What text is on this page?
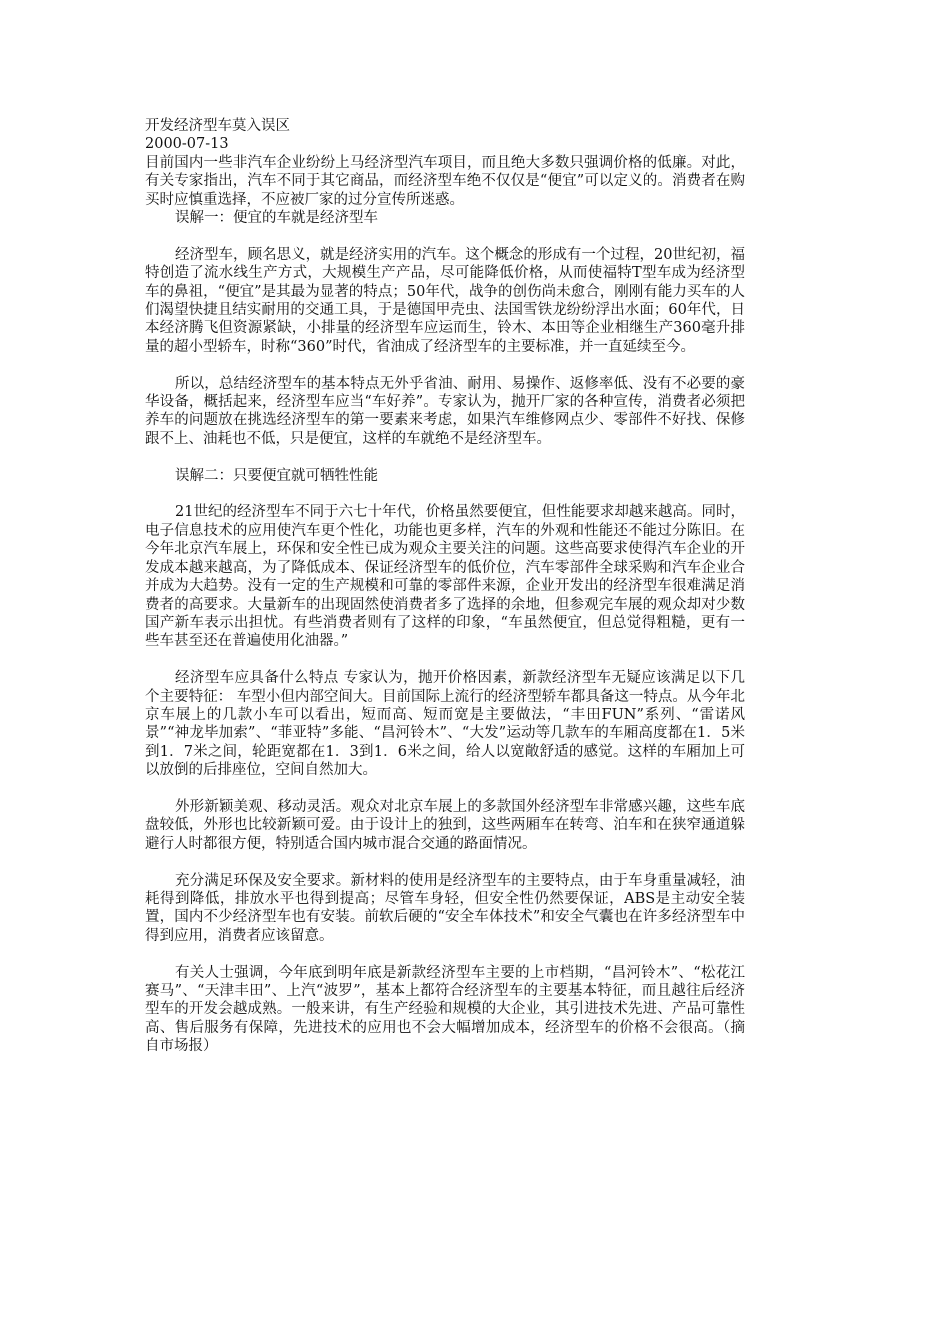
开发经济型车莫入误区
2000-07-13
目前国内一些非汽车企业纷纷上马经济型汽车项目，而且绝大多数只强调价格的低廉。对此，有关专家指出，汽车不同于其它商品，而经济型车绝不仅仅是“便宜”可以定义的。消费者在购买时应慎重选择，不应被厂家的过分宣传所迷惑。
误解一：便宜的车就是经济型车
经济型车，顾名思义，就是经济实用的汽车。这个概念的形成有一个过程，20世纪初，福特创造了流水线生产方式，大规模生产产品，尽可能降低价格，从而使福特T型车成为经济型车的鼻祖，“便宜”是其最为显著的特点；50年代，战争的创伤尚未愈合，刚刚有能力买车的人们渴望快捷且结实耐用的交通工具，于是德国甲壳虫、法国雪铁龙纷纷浮出水面；60年代，日本经济腾飞但资源紧缺，小排量的经济型车应运而生，铃木、本田等企业相继生产360毫升排量的超小型轿车，时称“360”时代，省油成了经济型车的主要标准，并一直延续至今。
所以，总结经济型车的基本特点无外乎省油、耐用、易操作、返修率低、没有不必要的豪华设备，概括起来，经济型车应当“车好养”。专家认为，抛开厂家的各种宣传，消费者必须把养车的问题放在挑选经济型车的第一要素来考虑，如果汽车维修网点少、零部件不好找、保修跟不上、油耗也不低，只是便宜，这样的车就绝不是经济型车。
误解二：只要便宜就可牺牲性能
21世纪的经济型车不同于六七十年代，价格虽然要便宜，但性能要求却越来越高。同时，电子信息技术的应用使汽车更个性化，功能也更多样，汽车的外观和性能还不能过分陈旧。在今年北京汽车展上，环保和安全性已成为观众主要关注的问题。这些高要求使得汽车企业的开发成本越来越高，为了降低成本、保证经济型车的低价位，汽车零部件全球采购和汽车企业合并成为大趋势。没有一定的生产规模和可靠的零部件来源，企业开发出的经济型车很难满足消费者的高要求。大量新车的出现固然使消费者多了选择的余地，但参观完车展的观众却对少数国产新车表示出担忧。有些消费者则有了这样的印象，“车虽然便宜，但总觉得粗糙，更有一些车甚至还在普遍使用化油器。”
经济型车应具备什么特点 专家认为，抛开价格因素，新款经济型车无疑应该满足以下几个主要特征： 车型小但内部空间大。目前国际上流行的经济型轿车都具备这一特点。从今年北京车展上的几款小车可以看出，短而高、短而宽是主要做法，“丰田FUN”系列、“雷诺风景”“神龙毕加索”、“菲亚特”多能、“昌河铃木”、“大发”运动等几款车的车厢高度都在1．5米到1．7米之间，轮距宽都在1．3到1．6米之间，给人以宽敞舒适的感觉。这样的车厢加上可以放倒的后排座位，空间自然加大。
外形新颖美观、移动灵活。观众对北京车展上的多款国外经济型车非常感兴趣，这些车底盘较低，外形也比较新颖可爱。由于设计上的独到，这些两厢车在转弯、泊车和在狭窄通道躲避行人时都很方便，特别适合国内城市混合交通的路面情况。
充分满足环保及安全要求。新材料的使用是经济型车的主要特点，由于车身重量减轻，油耗得到降低，排放水平也得到提高；尽管车身轻，但安全性仍然要保证，ABS是主动安全装置，国内不少经济型车也有安装。前软后硬的“安全车体技术”和安全气囊也在许多经济型车中得到应用，消费者应该留意。
有关人士强调，今年底到明年底是新款经济型车主要的上市档期，“昌河铃木”、“松花江赛马”、“天津丰田”、上汽“波罗”，基本上都符合经济型车的主要基本特征，而且越往后经济型车的开发会越成熟。一般来讲，有生产经验和规模的大企业，其引进技术先进、产品可靠性高、售后服务有保障，先进技术的应用也不会大幅增加成本，经济型车的价格不会很高。（摘自市场报）
